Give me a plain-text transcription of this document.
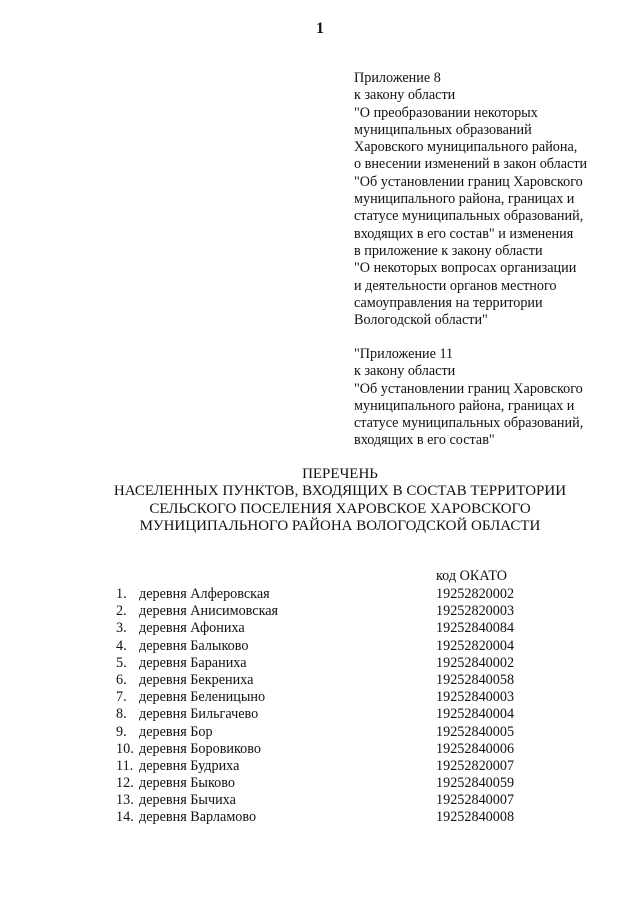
1
Приложение 8
к закону области
"О преобразовании некоторых
муниципальных образований
Харовского муниципального района,
о внесении изменений в закон области
"Об установлении границ Харовского
муниципального района, границах и
статусе муниципальных образований,
входящих в его состав" и изменения
в приложение к закону области
"О некоторых вопросах организации
и деятельности органов местного
самоуправления на территории
Вологодской области"
"Приложение 11
к закону области
"Об установлении границ Харовского
муниципального района, границах и
статусе муниципальных образований,
входящих в его состав"
ПЕРЕЧЕНЬ
НАСЕЛЕННЫХ ПУНКТОВ, ВХОДЯЩИХ В СОСТАВ ТЕРРИТОРИИ
СЕЛЬСКОГО ПОСЕЛЕНИЯ ХАРОВСКОЕ ХАРОВСКОГО
МУНИЦИПАЛЬНОГО РАЙОНА ВОЛОГОДСКОЙ ОБЛАСТИ
код ОКАТО
1. деревня Алферовская	19252820002
2. деревня Анисимовская	19252820003
3. деревня Афониха	19252840084
4. деревня Балыково	19252820004
5. деревня Бараниха	19252840002
6. деревня Бекрениха	19252840058
7. деревня Беленицыно	19252840003
8. деревня Бильгачево	19252840004
9. деревня Бор	19252840005
10. деревня Боровиково	19252840006
11. деревня Будриха	19252820007
12. деревня Быково	19252840059
13. деревня Бычиха	19252840007
14. деревня Варламово	19252840008
